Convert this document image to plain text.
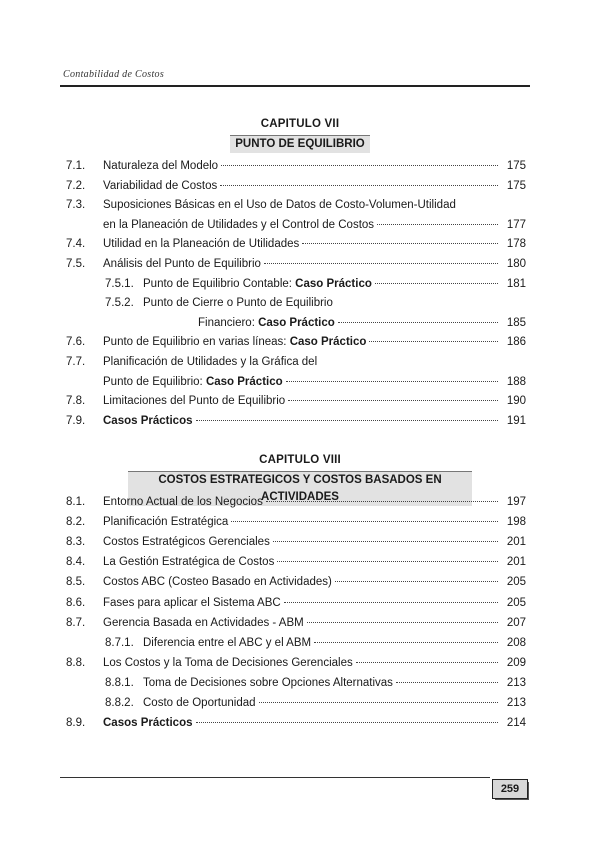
Contabilidad de Costos
CAPITULO VII
PUNTO DE EQUILIBRIO
7.1. Naturaleza del Modelo	175
7.2. Variabilidad de Costos	175
7.3. Suposiciones Básicas en el Uso de Datos de Costo-Volumen-Utilidad
en la Planeación de Utilidades y el Control de Costos	177
7.4. Utilidad en la Planeación de Utilidades	178
7.5. Análisis del Punto de Equilibrio	180
7.5.1. Punto de Equilibrio Contable: Caso Práctico	181
7.5.2. Punto de Cierre o Punto de Equilibrio
Financiero: Caso Práctico	185
7.6. Punto de Equilibrio en varias líneas: Caso Práctico	186
7.7. Planificación de Utilidades y la Gráfica del
Punto de Equilibrio: Caso Práctico	188
7.8. Limitaciones del Punto de Equilibrio	190
7.9. Casos Prácticos	191
CAPITULO VIII
COSTOS ESTRATEGICOS Y COSTOS BASADOS EN ACTIVIDADES
8.1. Entorno Actual de los Negocios	197
8.2. Planificación Estratégica	198
8.3. Costos Estratégicos Gerenciales	201
8.4. La Gestión Estratégica de Costos	201
8.5. Costos ABC (Costeo Basado en Actividades)	205
8.6. Fases para aplicar el Sistema ABC	205
8.7. Gerencia Basada en Actividades - ABM	207
8.7.1. Diferencia entre el ABC y el ABM	208
8.8. Los Costos y la Toma de Decisiones Gerenciales	209
8.8.1. Toma de Decisiones sobre Opciones Alternativas	213
8.8.2. Costo de Oportunidad	213
8.9. Casos Prácticos	214
259
